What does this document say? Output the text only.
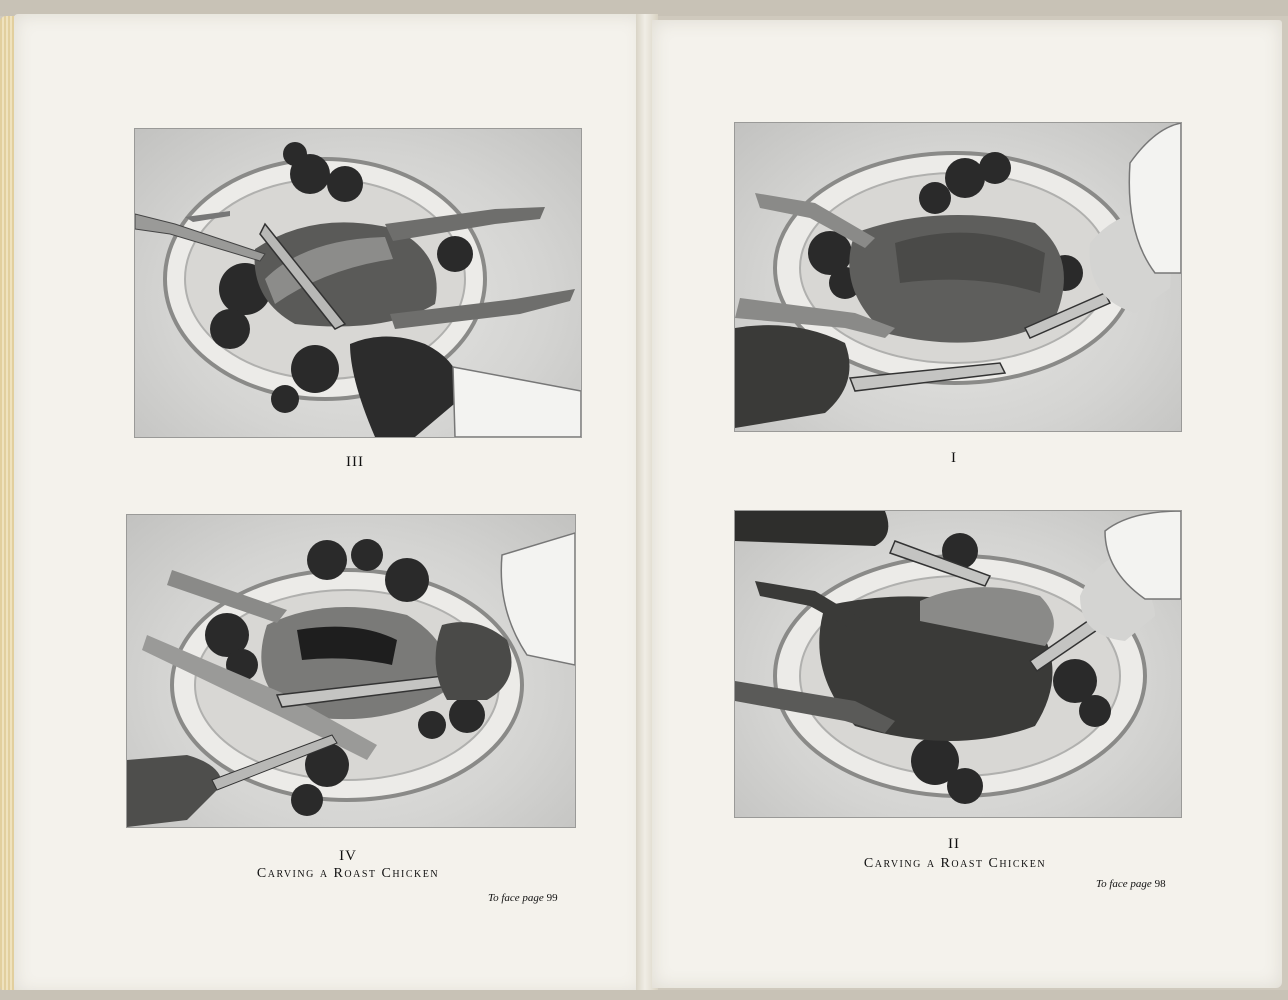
III
IV
Carving a Roast Chicken
To face page 99
I
II
Carving a Roast Chicken
To face page 98
